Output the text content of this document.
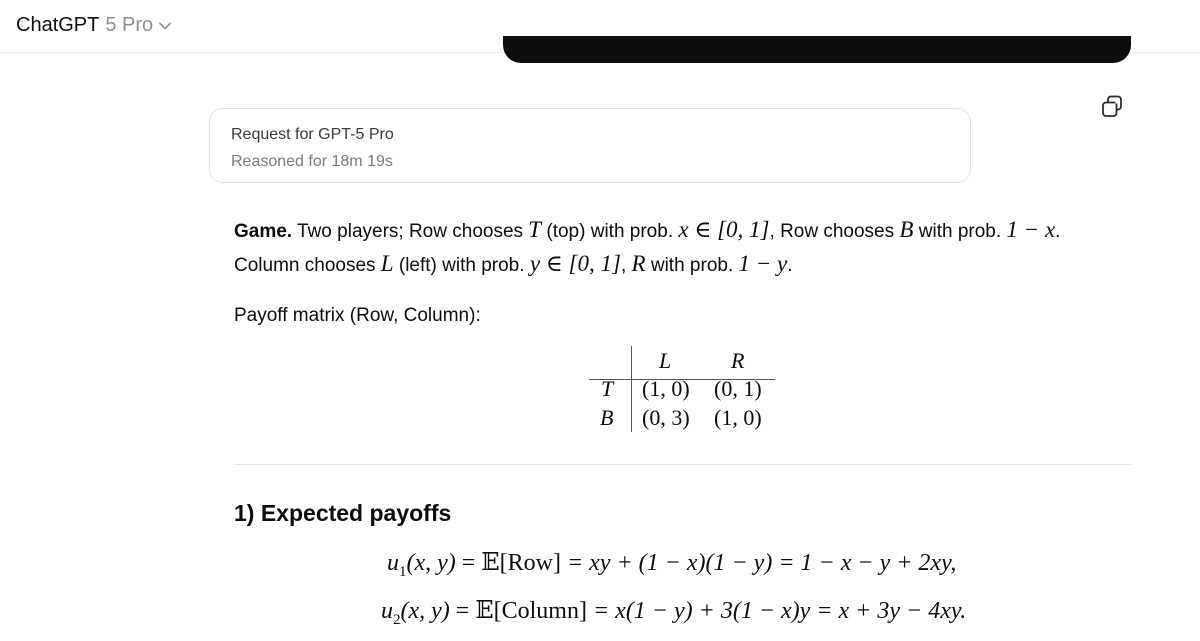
ChatGPT 5 Pro
Request for GPT-5 Pro
Reasoned for 18m 19s
Game. Two players; Row chooses T (top) with prob. x ∈ [0, 1], Row chooses B with prob. 1 − x.
Column chooses L (left) with prob. y ∈ [0, 1], R with prob. 1 − y.
Payoff matrix (Row, Column):
L	R
T
B
(1, 0) (0, 1)
(0, 3) (1, 0)
1) Expected payoffs
$u_1(x$, y) = 𝔼[Row] = xy + (1 − x)(1 − y) = 1 − x − y + 2xy,
$u_2(x$, y) = 𝔼[Column] = x(1 − y) + 3(1 − x)y = x + 3y − 4xy.
